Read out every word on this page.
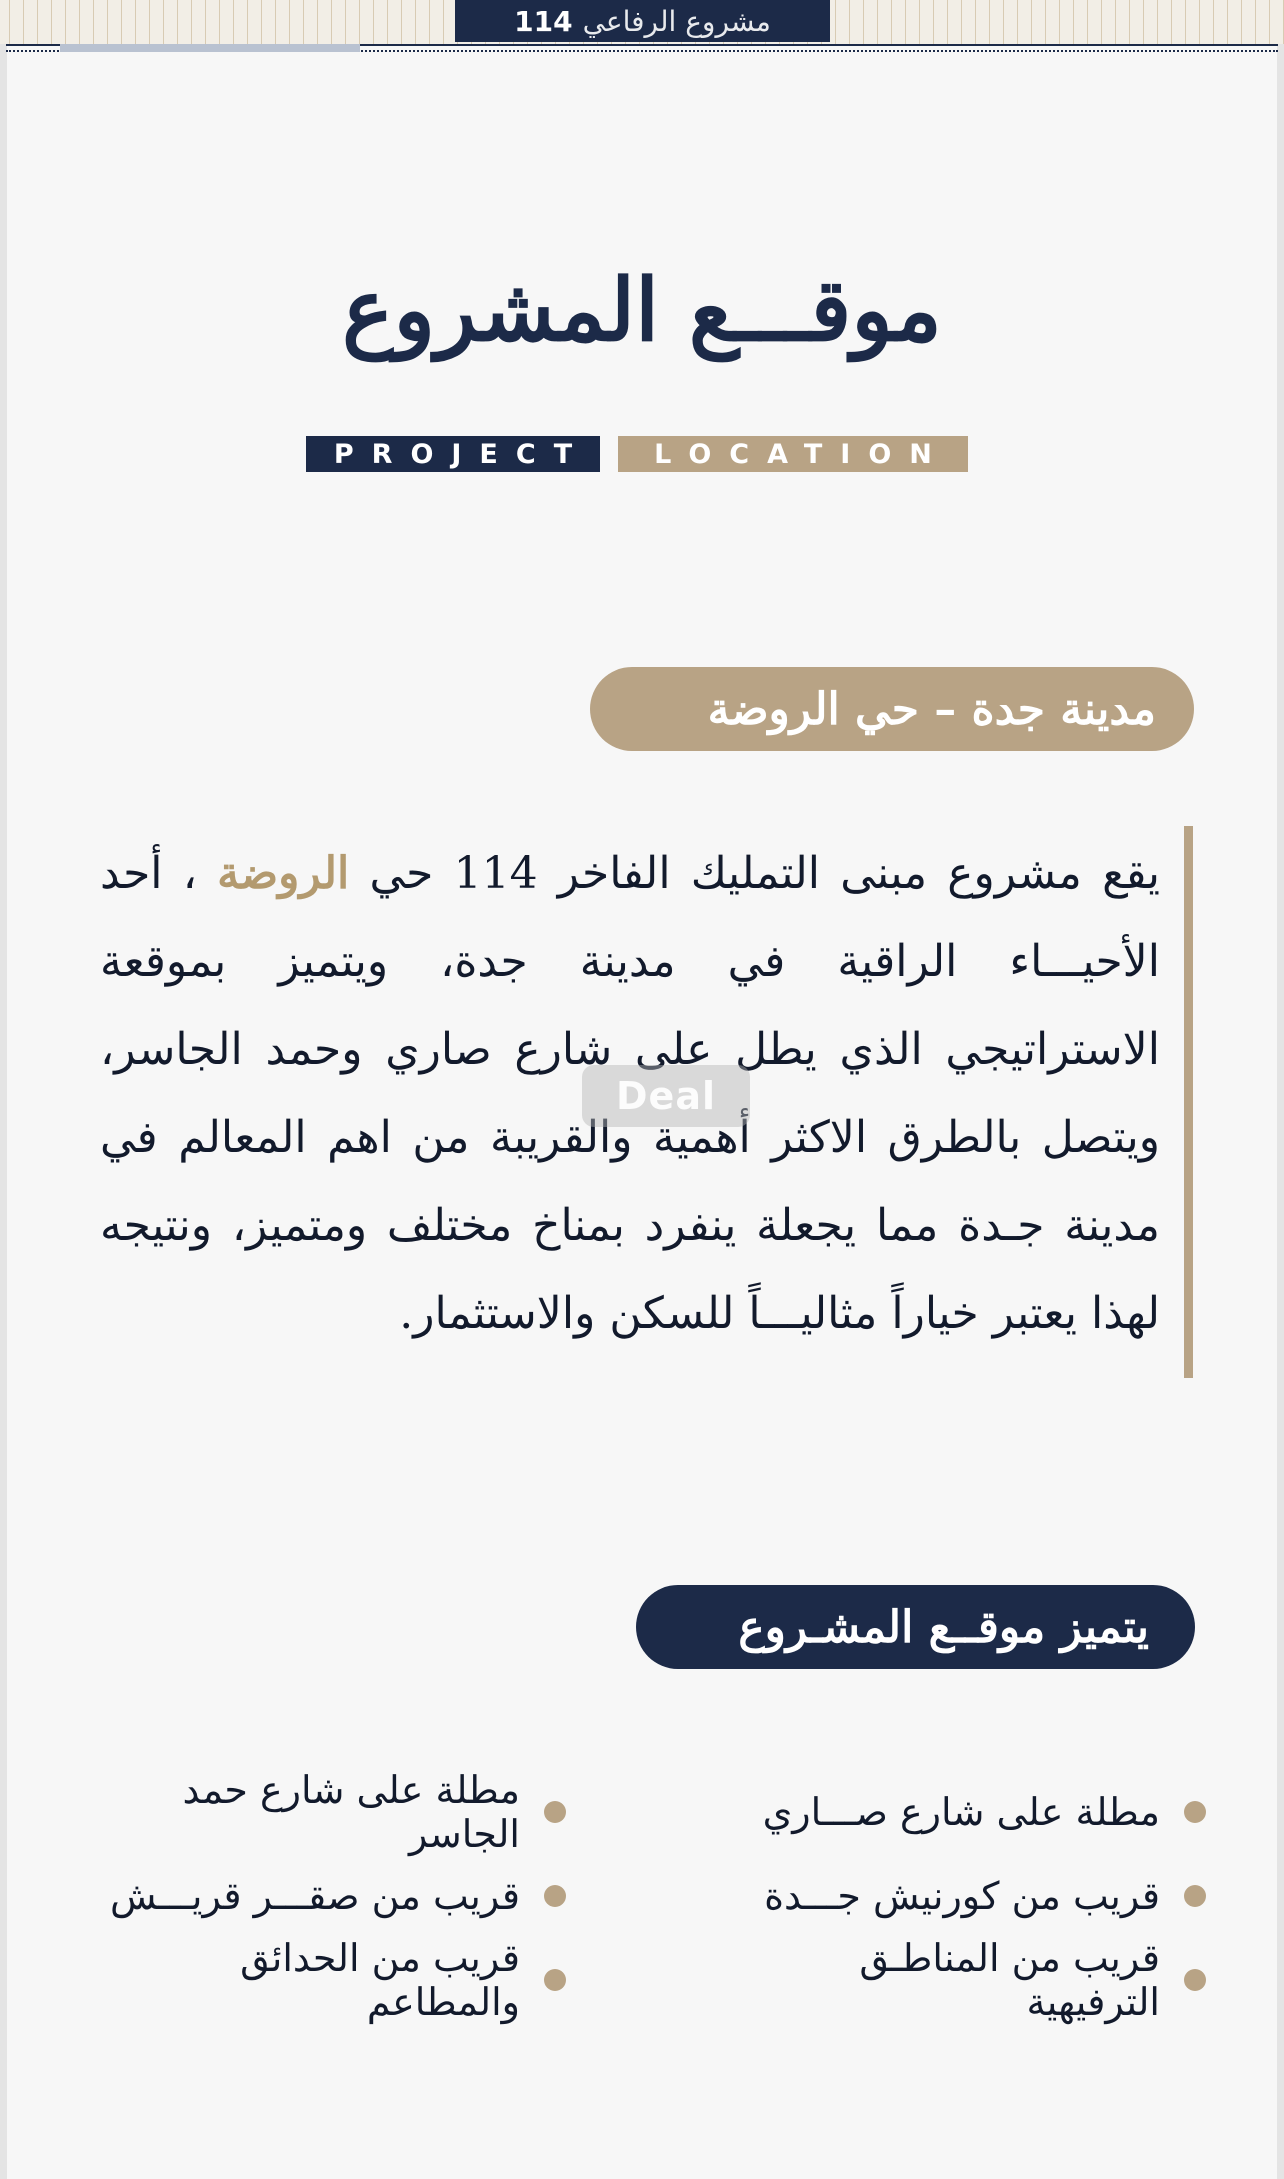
مشروع الرفاعي
114
موقـــع المشروع
PROJECT	LOCATION
مدينة جدة – حي الروضة
يقع مشروع مبنى التمليك الفاخر 114 حي الروضة ، أحد الأحيـــاء الراقية في مدينة جدة، ويتميز بموقعة الاستراتيجي الذي يطل على شارع صاري وحمد الجاسر، ويتصل بالطرق الاكثر أهمية والقريبة من اهم المعالم في مدينة جـدة مما يجعلة ينفرد بمناخ مختلف ومتميز، ونتيجه لهذا يعتبر خياراً مثاليـــاً للسكن والاستثمار.
Deal
يتميز موقــع المشـروع
مطلة على شارع صـــاري
قريب من كورنيش جـــدة
قريب من المناطـق الترفيهية
مطلة على شارع حمد الجاسر
قريب من صقـــر قريـــش
قريب من الحدائق والمطاعم
